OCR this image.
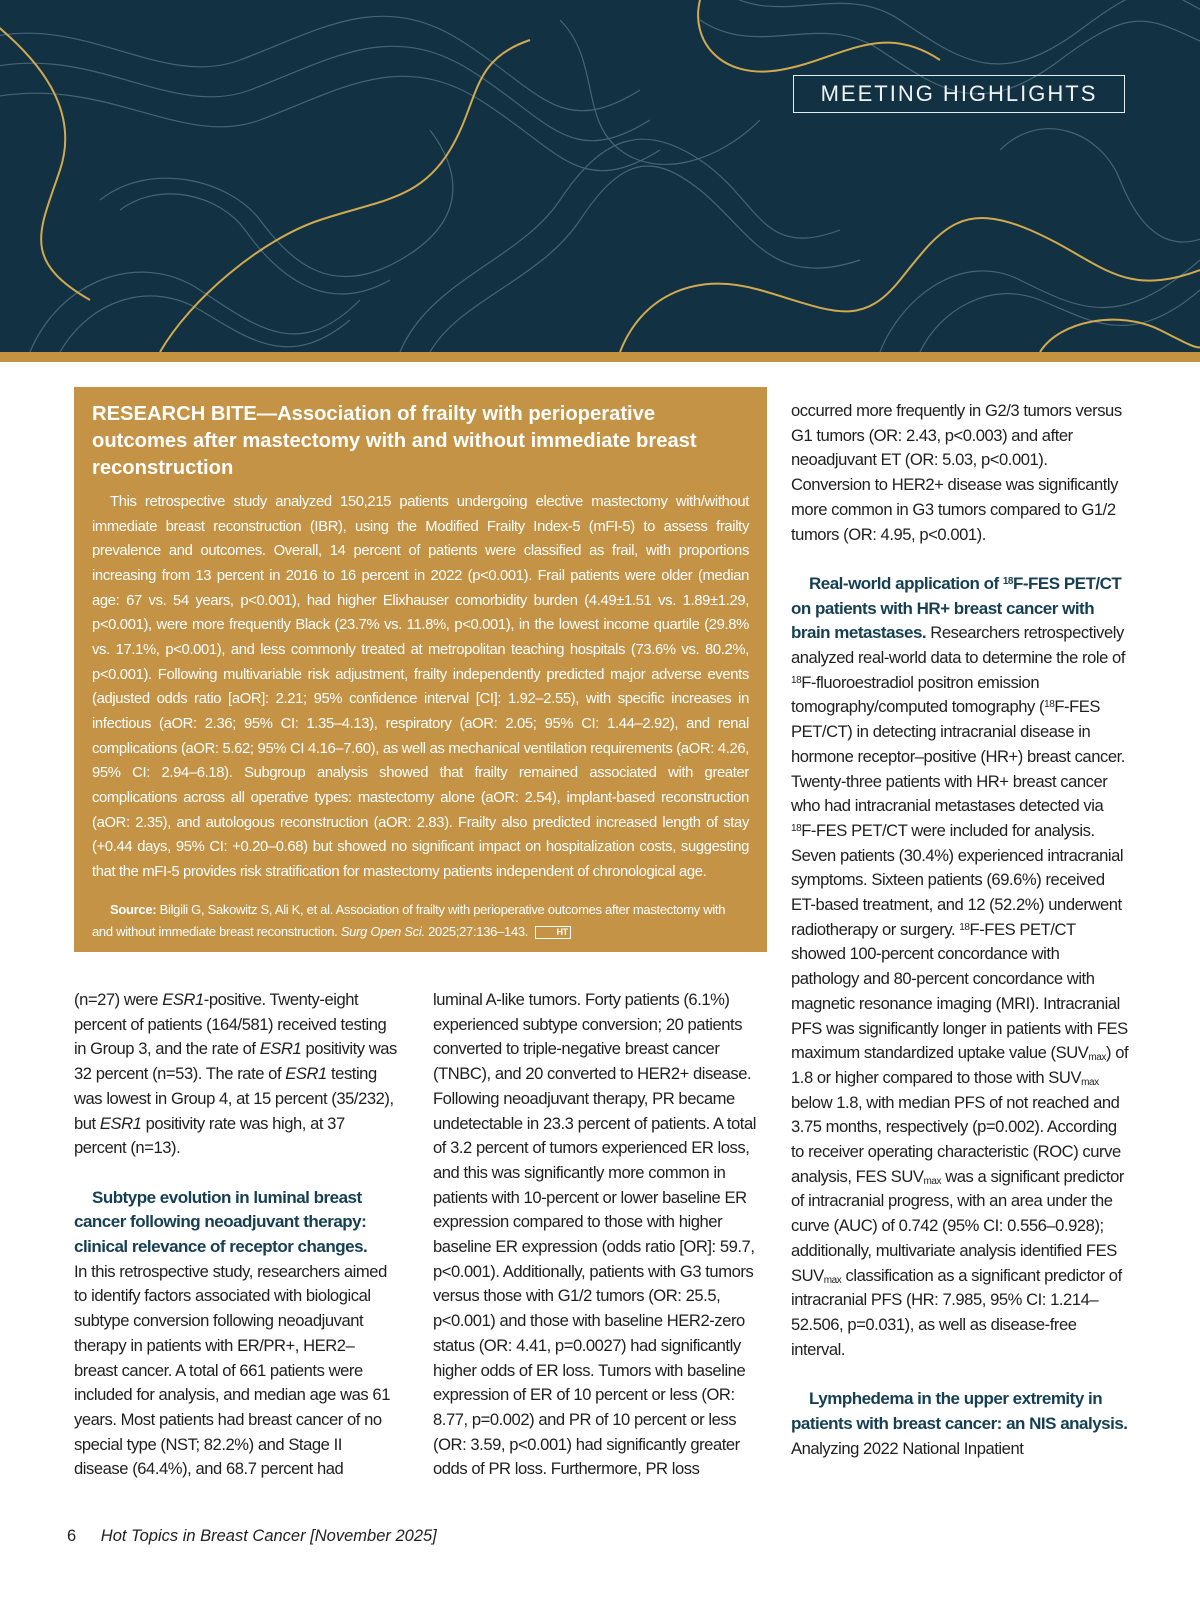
MEETING HIGHLIGHTS
RESEARCH BITE—Association of frailty with perioperative outcomes after mastectomy with and without immediate breast reconstruction

This retrospective study analyzed 150,215 patients undergoing elective mastectomy with/without immediate breast reconstruction (IBR), using the Modified Frailty Index-5 (mFI-5) to assess frailty prevalence and outcomes. Overall, 14 percent of patients were classified as frail, with proportions increasing from 13 percent in 2016 to 16 percent in 2022 (p<0.001). Frail patients were older (median age: 67 vs. 54 years, p<0.001), had higher Elixhauser comorbidity burden (4.49±1.51 vs. 1.89±1.29, p<0.001), were more frequently Black (23.7% vs. 11.8%, p<0.001), in the lowest income quartile (29.8% vs. 17.1%, p<0.001), and less commonly treated at metropolitan teaching hospitals (73.6% vs. 80.2%, p<0.001). Following multivariable risk adjustment, frailty independently predicted major adverse events (adjusted odds ratio [aOR]: 2.21; 95% confidence interval [CI]: 1.92–2.55), with specific increases in infectious (aOR: 2.36; 95% CI: 1.35–4.13), respiratory (aOR: 2.05; 95% CI: 1.44–2.92), and renal complications (aOR: 5.62; 95% CI 4.16–7.60), as well as mechanical ventilation requirements (aOR: 4.26, 95% CI: 2.94–6.18). Subgroup analysis showed that frailty remained associated with greater complications across all operative types: mastectomy alone (aOR: 2.54), implant-based reconstruction (aOR: 2.35), and autologous reconstruction (aOR: 2.83). Frailty also predicted increased length of stay (+0.44 days, 95% CI: +0.20–0.68) but showed no significant impact on hospitalization costs, suggesting that the mFI-5 provides risk stratification for mastectomy patients independent of chronological age.

Source: Bilgili G, Sakowitz S, Ali K, et al. Association of frailty with perioperative outcomes after mastectomy with and without immediate breast reconstruction. Surg Open Sci. 2025;27:136–143.	HT

(n=27) were ESR1-positive. Twenty-eight percent of patients (164/581) received testing in Group 3, and the rate of ESR1 positivity was 32 percent (n=53). The rate of ESR1 testing was lowest in Group 4, at 15 percent (35/232), but ESR1 positivity rate was high, at 37 percent (n=13).

Subtype evolution in luminal breast cancer following neoadjuvant therapy: clinical relevance of receptor changes.

In this retrospective study, researchers aimed to identify factors associated with biological subtype conversion following neoadjuvant therapy in patients with ER/PR+, HER2– breast cancer. A total of 661 patients were included for analysis, and median age was 61 years. Most patients had breast cancer of no special type (NST; 82.2%) and Stage II disease (64.4%), and 68.7 percent had

luminal A-like tumors. Forty patients (6.1%) experienced subtype conversion; 20 patients converted to triple-negative breast cancer (TNBC), and 20 converted to HER2+ disease. Following neoadjuvant therapy, PR became undetectable in 23.3 percent of patients. A total of 3.2 percent of tumors experienced ER loss, and this was significantly more common in patients with 10-percent or lower baseline ER expression compared to those with higher baseline ER expression (odds ratio [OR]: 59.7, p<0.001). Additionally, patients with G3 tumors versus those with G1/2 tumors (OR: 25.5, p<0.001) and those with baseline HER2-zero status (OR: 4.41, p=0.0027) had significantly higher odds of ER loss. Tumors with baseline expression of ER of 10 percent or less (OR: 8.77, p=0.002) and PR of 10 percent or less (OR: 3.59, p<0.001) had significantly greater odds of PR loss. Furthermore, PR loss

occurred more frequently in G2/3 tumors versus G1 tumors (OR: 2.43, p<0.003) and after neoadjuvant ET (OR: 5.03, p<0.001). Conversion to HER2+ disease was significantly more common in G3 tumors compared to G1/2 tumors (OR: 4.95, p<0.001).

Real-world application of $^{18}$F-FES PET/CT on patients with HR+ breast cancer with brain metastases. Researchers retrospectively analyzed real-world data to determine the role of $^{18}$F-fluoroestradiol positron emission tomography/computed tomography ($^{18}$F-FES PET/CT) in detecting intracranial disease in hormone receptor–positive (HR+) breast cancer. Twenty-three patients with HR+ breast cancer who had intracranial metastases detected via $^{18}$F-FES PET/CT were included for analysis. Seven patients (30.4%) experienced intracranial symptoms. Sixteen patients (69.6%) received ET-based treatment, and 12 (52.2%) underwent radiotherapy or surgery. $^{18}$F-FES PET/CT showed 100-percent concordance with pathology and 80-percent concordance with magnetic resonance imaging (MRI). Intracranial PFS was significantly longer in patients with FES maximum standardized uptake value $(SUV_{max})$ of 1.8 or higher compared to those with $SUV_{max}$ below 1.8, with median PFS of not reached and 3.75 months, respectively (p=0.002). According to receiver operating characteristic (ROC) curve analysis, FES $SUV_{max}$ was a significant predictor of intracranial progress, with an area under the curve (AUC) of 0.742 (95% CI: 0.556–0.928); additionally, multivariate analysis identified FES $SUV_{max}$ classification as a significant predictor of intracranial PFS (HR: 7.985, 95% CI: 1.214–52.506, p=0.031), as well as disease-free interval.

Lymphedema in the upper extremity in patients with breast cancer: an NIS analysis. Analyzing 2022 National Inpatient

6 Hot Topics in Breast Cancer [November 2025]
